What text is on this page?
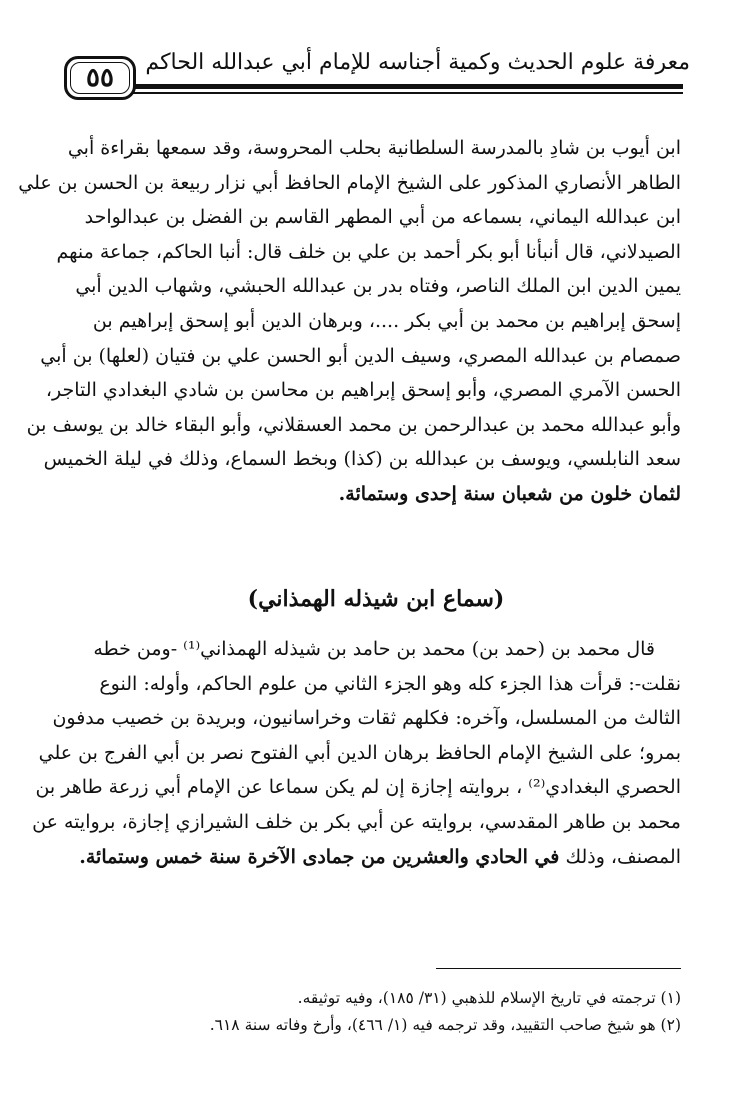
معرفة علوم الحديث وكمية أجناسه للإمام أبي عبدالله الحاكم
٥٥
ابن أيوب بن شادِ بالمدرسة السلطانية بحلب المحروسة، وقد سمعها بقراءة أبي
الطاهر الأنصاري المذكور على الشيخ الإمام الحافظ أبي نزار ربيعة بن الحسن بن علي
ابن عبدالله اليماني، بسماعه من أبي المطهر القاسم بن الفضل بن عبدالواحد
الصيدلاني، قال أنبأنا أبو بكر أحمد بن علي بن خلف قال: أنبا الحاكم، جماعة منهم
يمين الدين ابن الملك الناصر، وفتاه بدر بن عبدالله الحبشي، وشهاب الدين أبي
إسحق إبراهيم بن محمد بن أبي بكر ....، وبرهان الدين أبو إسحق إبراهيم بن
صمصام بن عبدالله المصري، وسيف الدين أبو الحسن علي بن فتيان (لعلها) بن أبي
الحسن الآمري المصري، وأبو إسحق إبراهيم بن محاسن بن شادي البغدادي التاجر،
وأبو عبدالله محمد بن عبدالرحمن بن محمد العسقلاني، وأبو البقاء خالد بن يوسف بن
سعد النابلسي، ويوسف بن عبدالله بن (كذا) وبخط السماع، وذلك في ليلة الخميس
لثمان خلون من شعبان سنة إحدى وستمائة.
(سماع ابن شيذله الهمذاني)
قال محمد بن (حمد بن) محمد بن حامد بن شيذله الهمذاني⁽¹⁾ -ومن خطه
نقلت-: قرأت هذا الجزء كله وهو الجزء الثاني من علوم الحاكم، وأوله: النوع
الثالث من المسلسل، وآخره: فكلهم ثقات وخراسانيون، وبريدة بن خصيب مدفون
بمرو؛ على الشيخ الإمام الحافظ برهان الدين أبي الفتوح نصر بن أبي الفرج بن علي
الحصري البغدادي⁽²⁾ ، بروايته إجازة إن لم يكن سماعا عن الإمام أبي زرعة طاهر بن
محمد بن طاهر المقدسي، بروايته عن أبي بكر بن خلف الشيرازي إجازة، بروايته عن
المصنف، وذلك في الحادي والعشرين من جمادى الآخرة سنة خمس وستمائة.
(١) ترجمته في تاريخ الإسلام للذهبي (٣١/ ١٨٥)، وفيه توثيقه.
(٢) هو شيخ صاحب التقييد، وقد ترجمه فيه (١/ ٤٦٦)، وأرخ وفاته سنة ٦١٨.
